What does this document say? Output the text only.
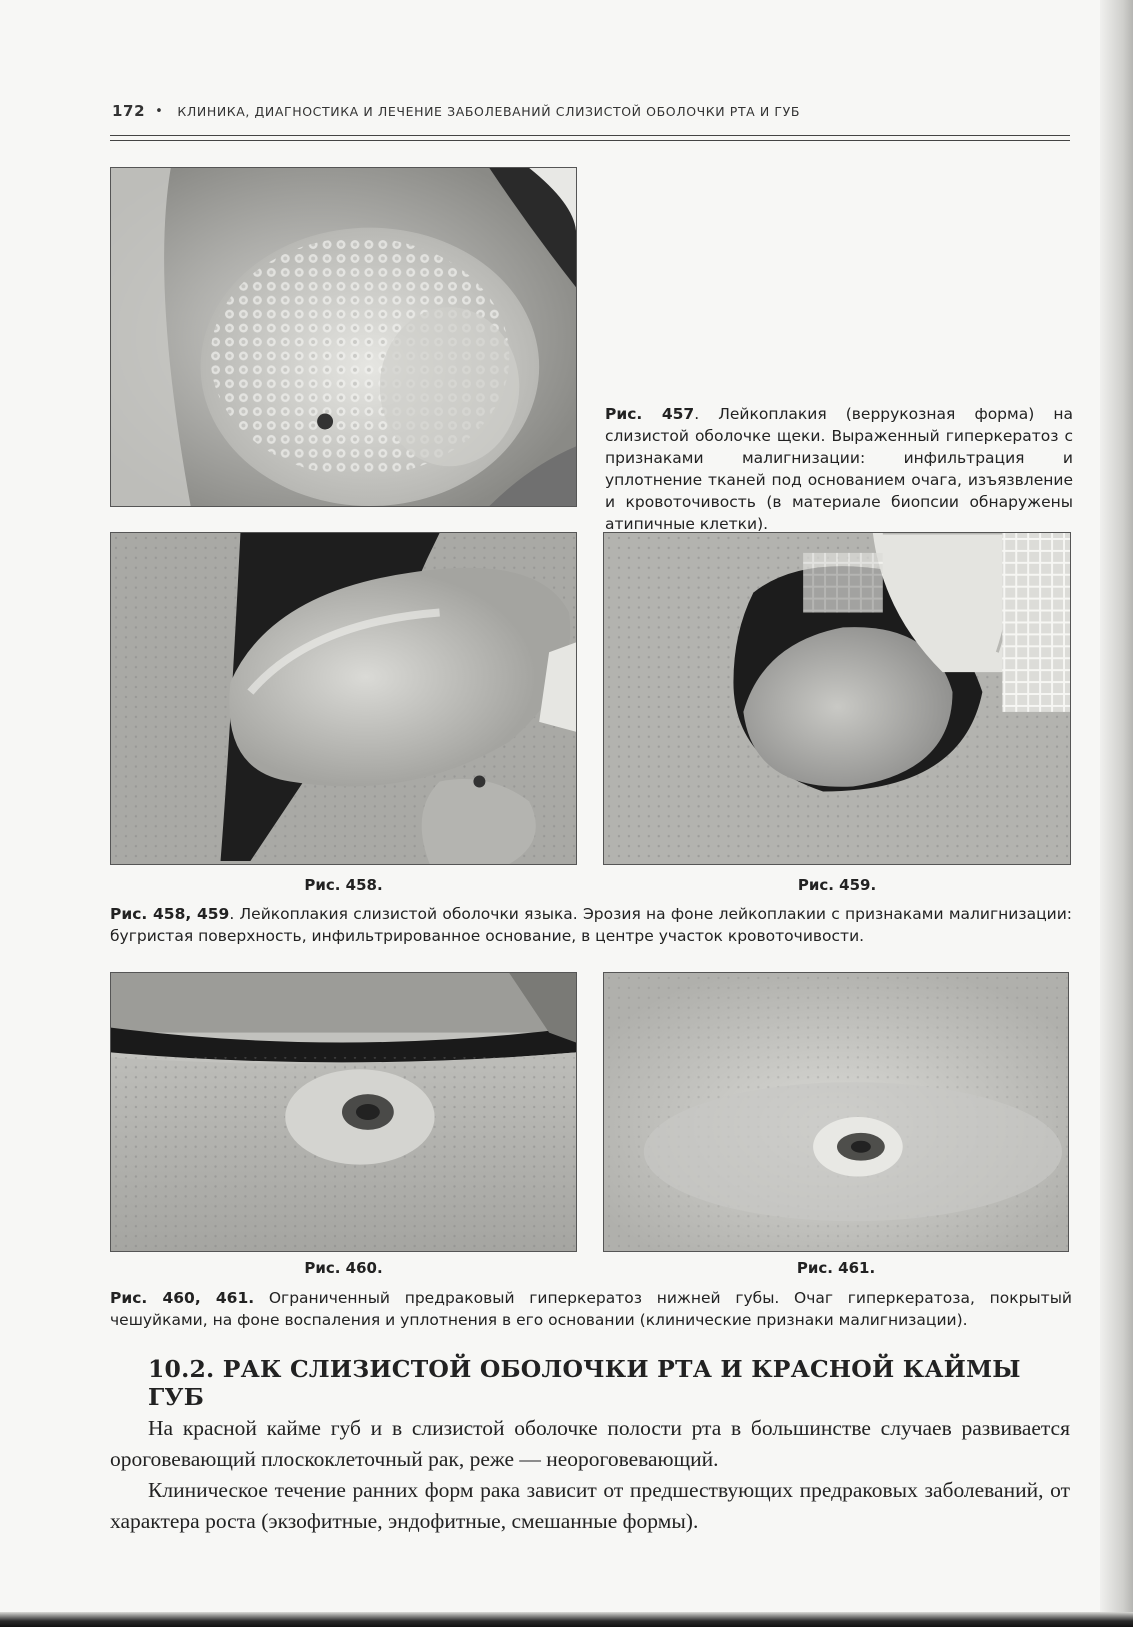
172 • КЛИНИКА, ДИАГНОСТИКА И ЛЕЧЕНИЕ ЗАБОЛЕВАНИЙ СЛИЗИСТОЙ ОБОЛОЧКИ РТА И ГУБ
Рис. 457. Лейкоплакия (веррукозная форма) на слизистой оболочке щеки. Выраженный гиперкератоз с признаками малигнизации: инфильтрация и уплотнение тканей под основанием очага, изъязвление и кровоточивость (в материале биопсии обнаружены атипичные клетки).
Рис. 458.	Рис. 459.
Рис. 458, 459. Лейкоплакия слизистой оболочки языка. Эрозия на фоне лейкоплакии с признаками малигнизации: бугристая поверхность, инфильтрированное основание, в центре участок кровоточивости.
Рис. 460.	Рис. 461.
Рис. 460, 461. Ограниченный предраковый гиперкератоз нижней губы. Очаг гиперкератоза, покрытый чешуйками, на фоне воспаления и уплотнения в его основании (клинические признаки малигнизации).
10.2. РАК СЛИЗИСТОЙ ОБОЛОЧКИ РТА И КРАСНОЙ КАЙМЫ ГУБ
На красной кайме губ и в слизистой оболочке полости рта в большинстве случаев развивается ороговевающий плоскоклеточный рак, реже — неороговевающий.
Клиническое течение ранних форм рака зависит от предшествующих предраковых заболеваний, от характера роста (экзофитные, эндофитные, смешанные формы).
